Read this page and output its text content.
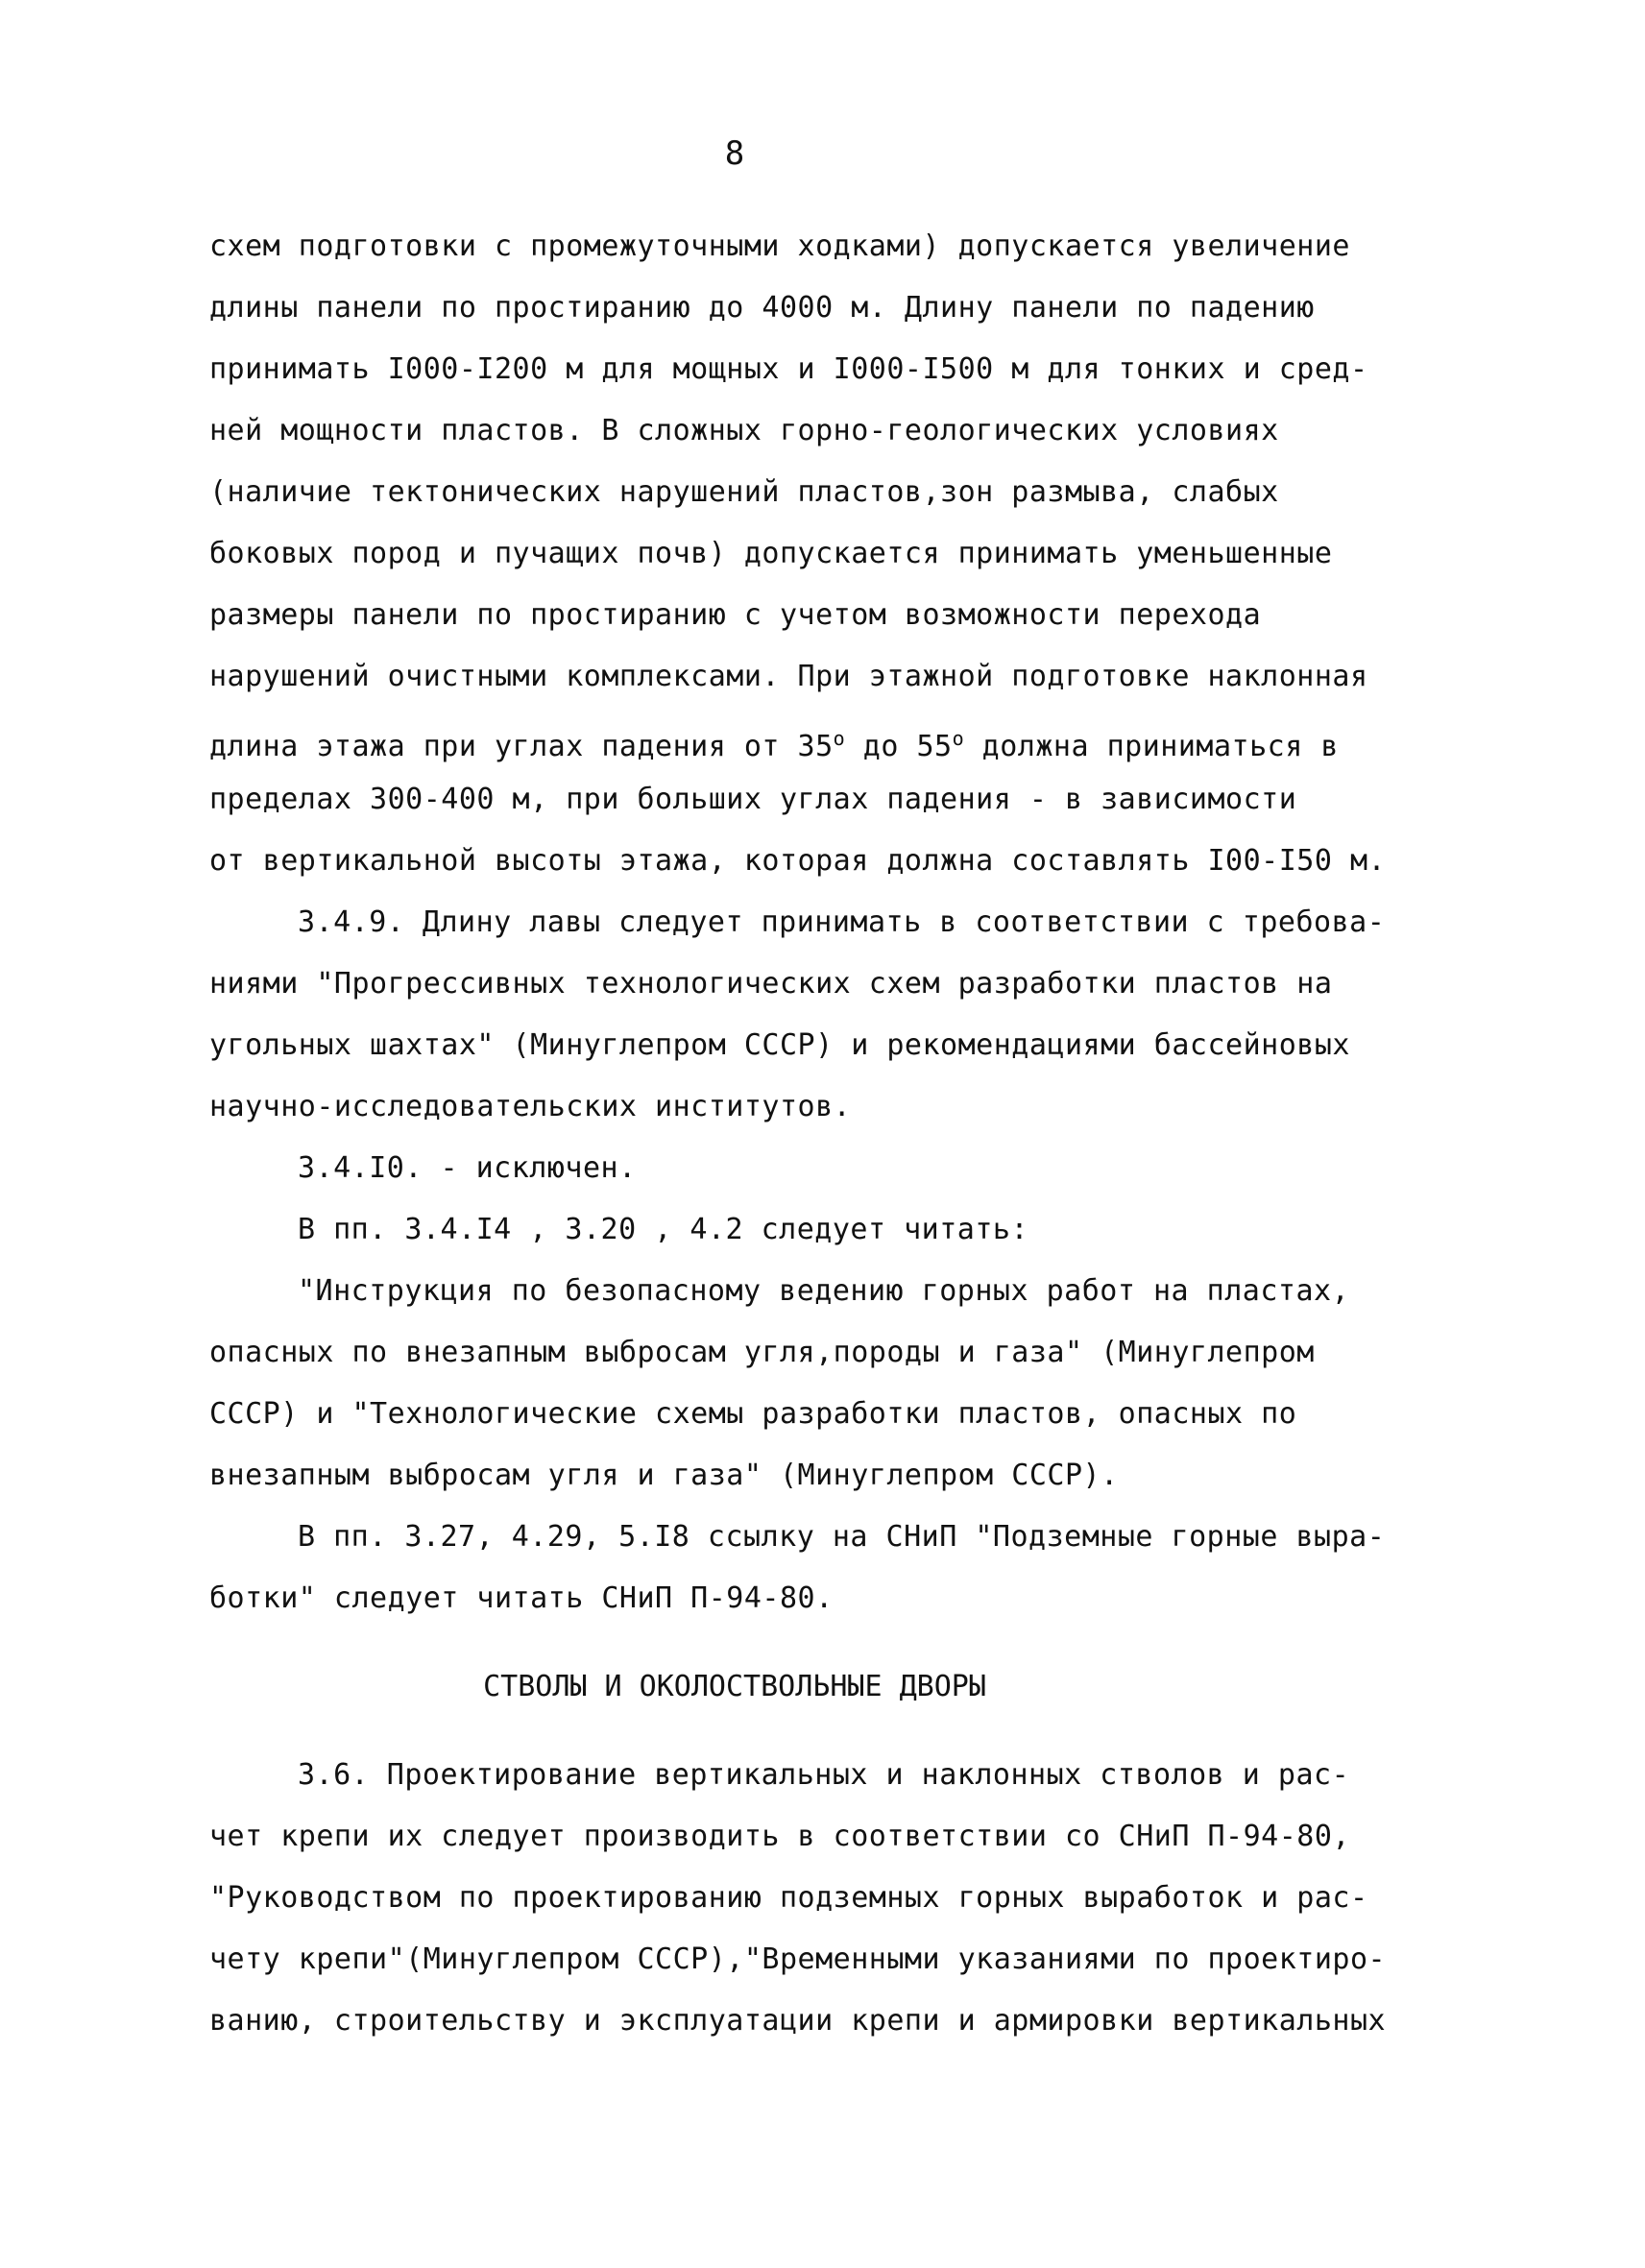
8
схем подготовки с промежуточными ходками) допускается увеличение
длины панели по простиранию до 4000 м. Длину панели по падению
принимать I000-I200 м для мощных и I000-I500 м для тонких и сред-
ней мощности пластов. В сложных горно-геологических условиях
(наличие тектонических нарушений пластов,зон размыва, слабых
боковых пород и пучащих почв) допускается принимать уменьшенные
размеры панели по простиранию с учетом возможности перехода
нарушений очистными комплексами. При этажной подготовке наклонная
длина этажа при углах падения от $35^о$ до $55^о$ должна приниматься в
пределах 300-400 м, при больших углах падения - в зависимости
от вертикальной высоты этажа, которая должна составлять I00-I50 м.
3.4.9. Длину лавы следует принимать в соответствии с требова-
ниями "Прогрессивных технологических схем разработки пластов на
угольных шахтах" (Минуглепром СССР) и рекомендациями бассейновых
научно-исследовательских институтов.
3.4.I0. - исключен.
В пп. 3.4.I4 , 3.20 , 4.2 следует читать:
"Инструкция по безопасному ведению горных работ на пластах,
опасных по внезапным выбросам угля,породы и газа" (Минуглепром
СССР) и "Технологические схемы разработки пластов, опасных по
внезапным выбросам угля и газа" (Минуглепром СССР).
В пп. 3.27, 4.29, 5.I8 ссылку на СНиП "Подземные горные выра-
ботки" следует читать СНиП П-94-80.
СТВОЛЫ И ОКОЛОСТВОЛЬНЫЕ ДВОРЫ
3.6. Проектирование вертикальных и наклонных стволов и рас-
чет крепи их следует производить в соответствии со СНиП П-94-80,
"Руководством по проектированию подземных горных выработок и рас-
чету крепи"(Минуглепром СССР),"Временными указаниями по проектиро-
ванию, строительству и эксплуатации крепи и армировки вертикальных
